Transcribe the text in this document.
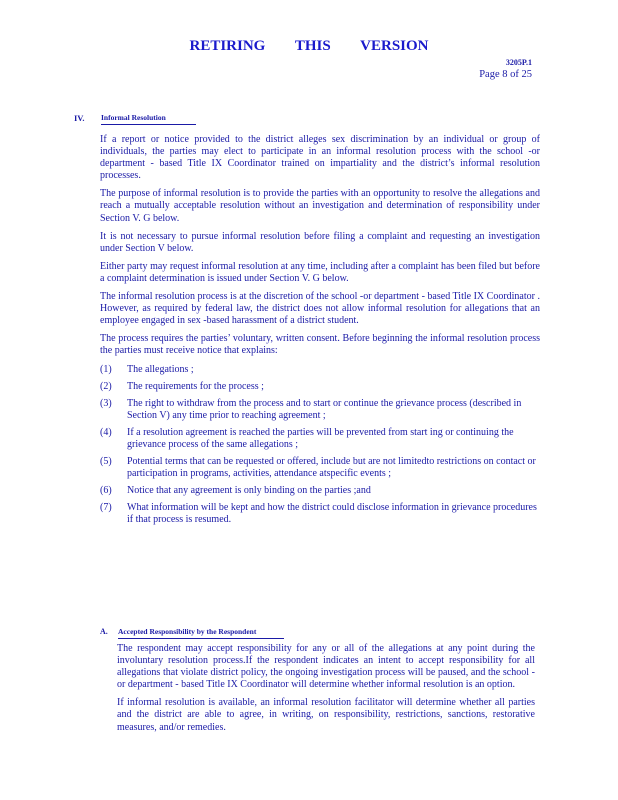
RETIRING THIS VERSION
3205P.1
Page 8 of 25
IV. Informal Resolution

If a report or notice provided to the district alleges sex discrimination by an individual or group of individuals, the parties may elect to participate in an informal resolution process with the school -or department - based Title IX Coordinator trained on impartiality and the district’s informal resolution processes.

The purpose of informal resolution is to provide the parties with an opportunity to resolve the allegations and reach a mutually acceptable resolution without an investigation and determination of responsibility under Section V. G below.

It is not necessary to pursue informal resolution before filing a complaint and requesting an investigation under Section V below.

Either party may request informal resolution at any time, including after a complaint has been filed but before a complaint determination is issued under Section V. G below.

The informal resolution process is at the discretion of the school -or department - based Title IX Coordinator . However, as required by federal law, the district does not allow informal resolution for allegations that an employee engaged in sex -based harassment of a district student.

The process requires the parties’ voluntary, written consent. Before beginning the informal resolution process the parties must receive notice that explains:

(1) The allegations ;
(2) The requirements for the process ;
(3) The right to withdraw from the process and to start or continue the grievance process (described in Section V) any time prior to reaching agreement ;
(4) If a resolution agreement is reached the parties will be prevented from start ing or continuing the grievance process of the same allegations ;
(5) Potential terms that can be requested or offered, include but are not limitedto restrictions on contact or participation in programs, activities, attendance atspecific events ;
(6) Notice that any agreement is only binding on the parties ;and
(7) What information will be kept and how the district could disclose information in grievance procedures if that process is resumed.
A. Accepted Responsibility by the Respondent

The respondent may accept responsibility for any or all of the allegations at any point during the involuntary resolution process.If the respondent indicates an intent to accept responsibility for all allegations that violate district policy, the ongoing investigation process will be paused, and the school -or department - based Title IX Coordinator will determine whether informal resolution is an option.

If informal resolution is available, an informal resolution facilitator will determine whether all parties and the district are able to agree, in writing, on responsibility, restrictions, sanctions, restorative measures, and/or remedies.
